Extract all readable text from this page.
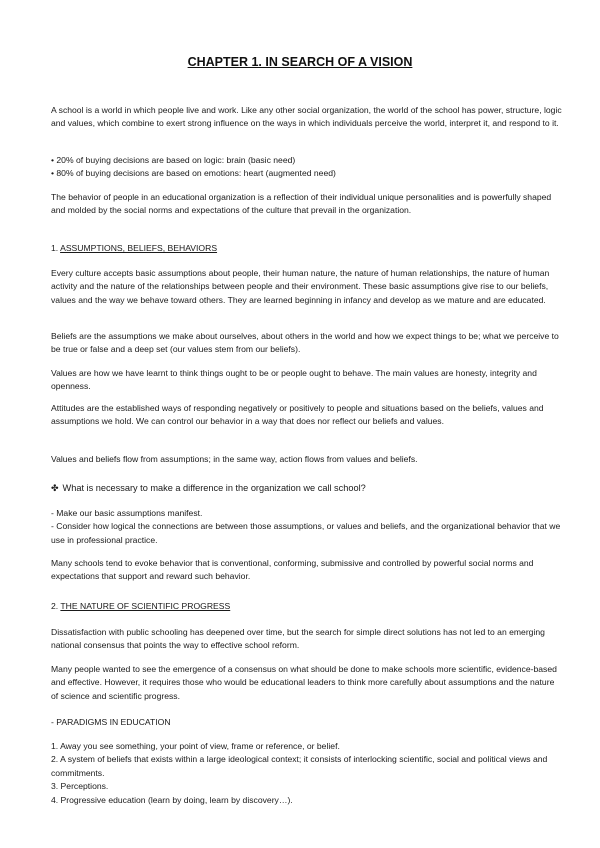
CHAPTER 1. IN SEARCH OF A VISION
A school is a world in which people live and work. Like any other social organization, the world of the school has power, structure, logic and values, which combine to exert strong influence on the ways in which individuals perceive the world, interpret it, and respond to it.

• 20% of buying decisions are based on logic: brain (basic need)

• 80% of buying decisions are based on emotions: heart (augmented need)

The behavior of people in an educational organization is a reflection of their individual unique personalities and is powerfully shaped and molded by the social norms and expectations of the culture that prevail in the organization.
1. ASSUMPTIONS, BELIEFS, BEHAVIORS
Every culture accepts basic assumptions about people, their human nature, the nature of human relationships, the nature of human activity and the nature of the relationships between people and their environment. These basic assumptions give rise to our beliefs, values and the way we behave toward others. They are learned beginning in infancy and develop as we mature and are educated.
Beliefs are the assumptions we make about ourselves, about others in the world and how we expect things to be; what we perceive to be true or false and a deep set (our values stem from our beliefs).
Values are how we have learnt to think things ought to be or people ought to behave. The main values are honesty, integrity and openness.
Attitudes are the established ways of responding negatively or positively to people and situations based on the beliefs, values and assumptions we hold. We can control our behavior in a way that does nor reflect our beliefs and values.
Values and beliefs flow from assumptions; in the same way, action flows from values and beliefs.
✤ What is necessary to make a difference in the organization we call school?

- Make our basic assumptions manifest.

- Consider how logical the connections are between those assumptions, or values and beliefs, and the organizational behavior that we use in professional practice.

Many schools tend to evoke behavior that is conventional, conforming, submissive and controlled by powerful social norms and expectations that support and reward such behavior.
2. THE NATURE OF SCIENTIFIC PROGRESS
Dissatisfaction with public schooling has deepened over time, but the search for simple direct solutions has not led to an emerging national consensus that points the way to effective school reform.
Many people wanted to see the emergence of a consensus on what should be done to make schools more scientific, evidence-based and effective. However, it requires those who would be educational leaders to think more carefully about assumptions and the nature of science and scientific progress.
- PARADIGMS IN EDUCATION

1. Away you see something, your point of view, frame or reference, or belief.

2. A system of beliefs that exists within a large ideological context; it consists of interlocking scientific, social and political views and commitments.

3. Perceptions.

4. Progressive education (learn by doing, learn by discovery…).
